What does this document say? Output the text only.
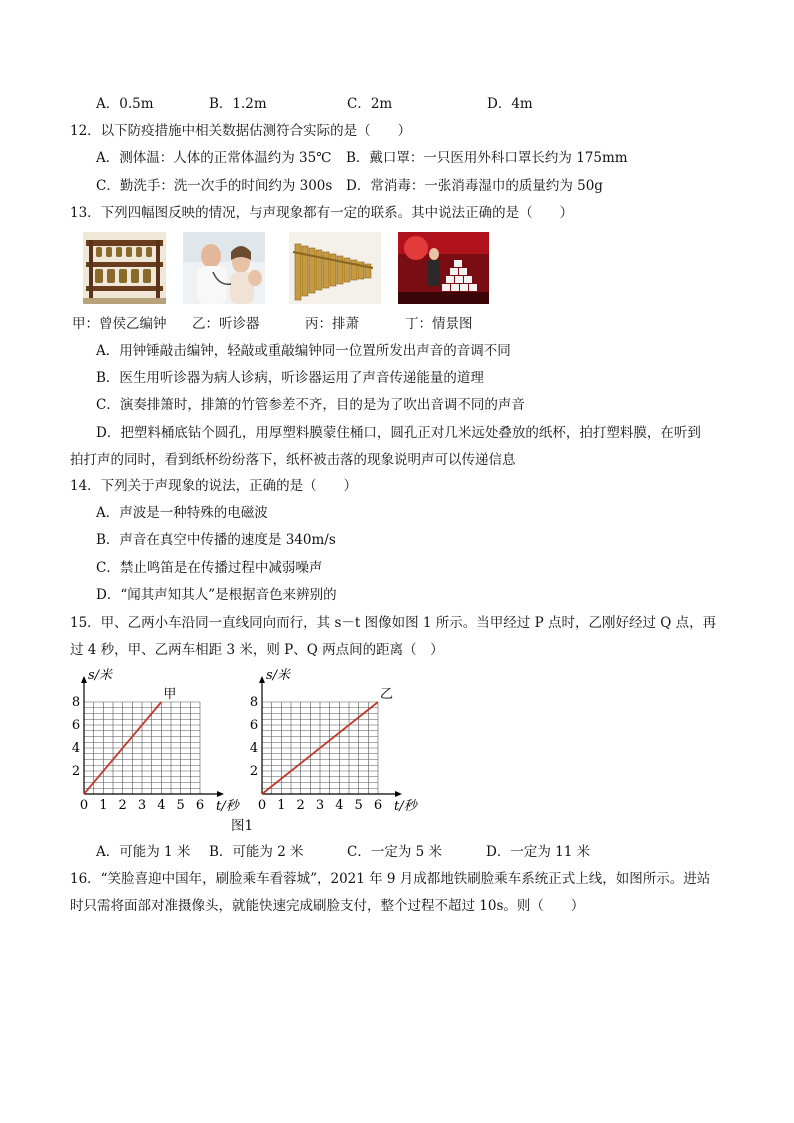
A．0.5m	B．1.2m	C．2m	D．4m
12．以下防疫措施中相关数据估测符合实际的是（　　）
A．测体温：人体的正常体温约为 35℃ B．戴口罩：一只医用外科口罩长约为 175mm
C．勤洗手：洗一次手的时间约为 300s D．常消毒：一张消毒湿巾的质量约为 50g
13．下列四幅图反映的情况，与声现象都有一定的联系。其中说法正确的是（　　）
甲：曾侯乙编钟 乙：听诊器	丙：排萧	丁：情景图
A．用钟锤敲击编钟，轻敲或重敲编钟同一位置所发出声音的音调不同
B．医生用听诊器为病人诊病，听诊器运用了声音传递能量的道理
C．演奏排箫时，排箫的竹管参差不齐，目的是为了吹出音调不同的声音
D．把塑料桶底钻个圆孔，用厚塑料膜蒙住桶口，圆孔正对几米远处叠放的纸杯，拍打塑料膜，在听到
拍打声的同时，看到纸杯纷纷落下，纸杯被击落的现象说明声可以传递信息
14．下列关于声现象的说法，正确的是（　　）
A．声波是一种特殊的电磁波
B．声音在真空中传播的速度是 340m/s
C．禁止鸣笛是在传播过程中减弱噪声
D．“闻其声知其人”是根据音色来辨别的
15．甲、乙两小车沿同一直线同向而行，其 s－t 图像如图 1 所示。当甲经过 P 点时，乙刚好经过 Q 点，再
过 4 秒，甲、乙两车相距 3 米，则 P、Q 两点间的距离（　）
0 1 2 3 4 5 6
2
4
6
8
s/米
t/秒
甲
0 1 2 3 4 5 6
2
4
6
8
s/米
t/秒
乙
图1
A．可能为 1 米 B．可能为 2 米	C．一定为 5 米	D．一定为 11 米
16．“笑脸喜迎中国年，刷脸乘车看蓉城”，2021 年 9 月成都地铁刷脸乘车系统正式上线，如图所示。进站
时只需将面部对准摄像头，就能快速完成刷脸支付，整个过程不超过 10s。则（　　）
